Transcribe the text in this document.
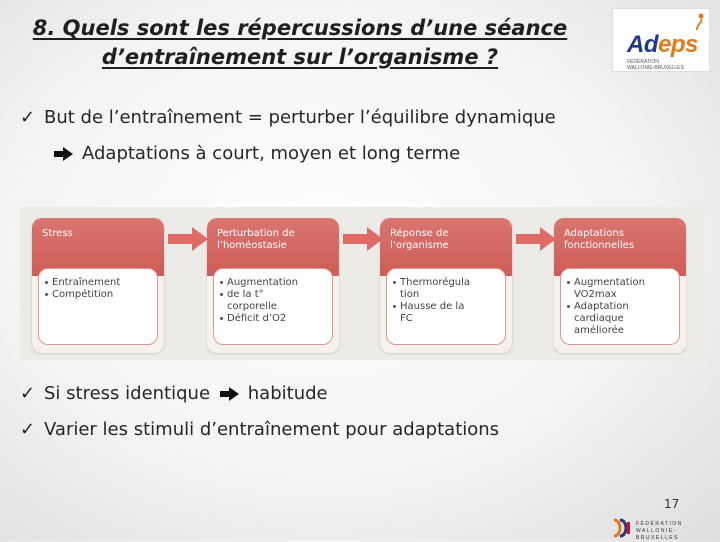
8. Quels sont les répercussions d’une séance
d’entraînement sur l’organisme ?	Adeps
FÉDÉRATION
WALLONIE-BRUXELLES
✓ But de l’entraînement = perturber l’équilibre dynamique
Adaptations à court, moyen et long terme
Stress
Entraînement
Compétition
Perturbation de
l’homéostasie
Augmentation
de la t°
corporelle
Déficit d’O2
Réponse de
l’organisme
Thermorégula
tion
Hausse de la
FC
Adaptations
fonctionnelles
Augmentation
VO2max
Adaptation
cardiaque
améliorée
✓ Si stress identique habitude
✓ Varier les stimuli d’entraînement pour adaptations
17
FÉDÉRATION
WALLONIE-BRUXELLES
